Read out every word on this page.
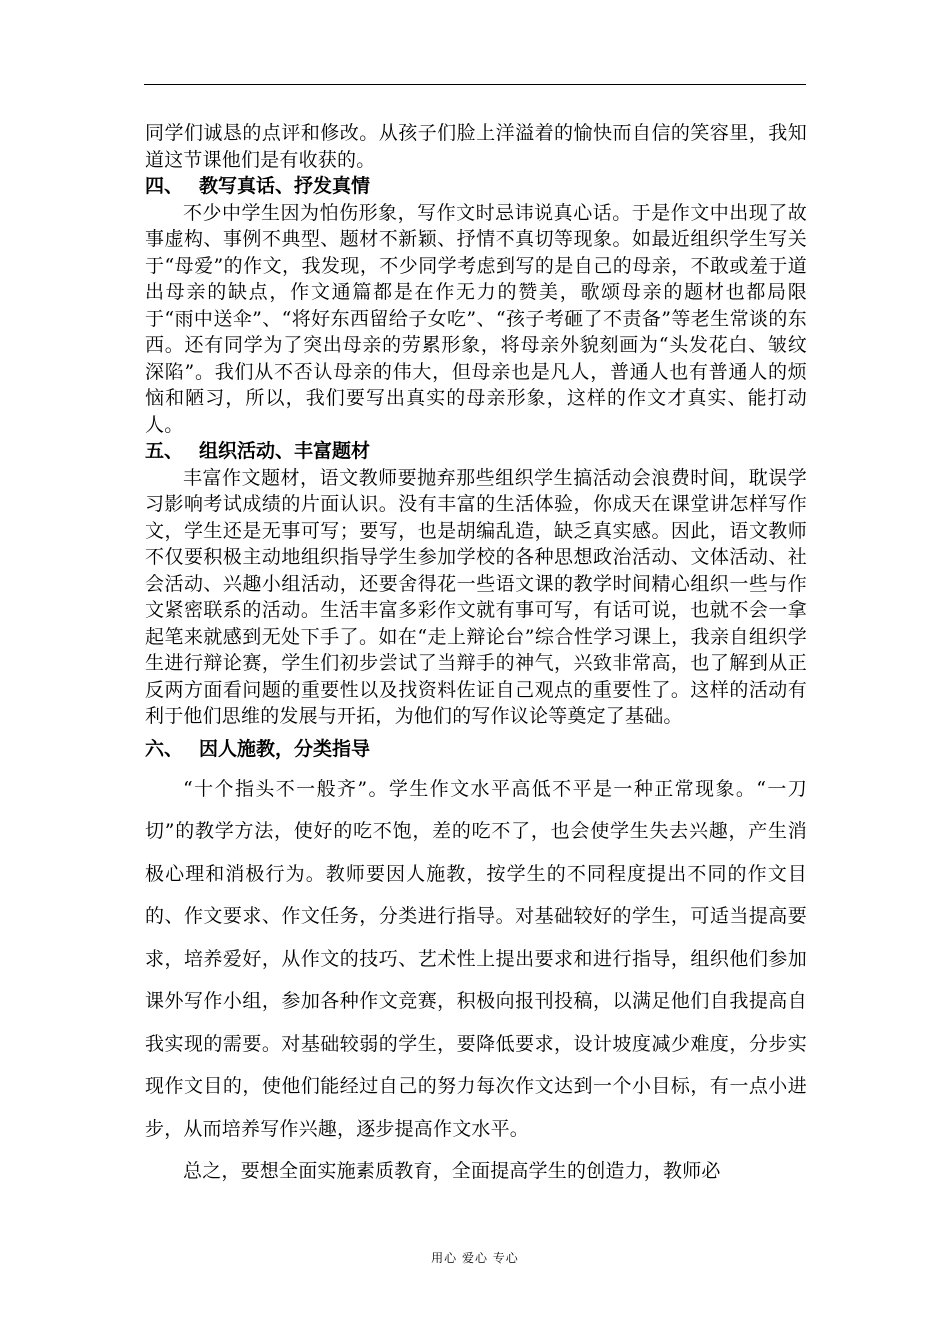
同学们诚恳的点评和修改。从孩子们脸上洋溢着的愉快而自信的笑容里，我知道这节课他们是有收获的。

四、 教写真话、抒发真情

不少中学生因为怕伤形象，写作文时忌讳说真心话。于是作文中出现了故事虚构、事例不典型、题材不新颖、抒情不真切等现象。如最近组织学生写关于“母爱”的作文，我发现，不少同学考虑到写的是自己的母亲，不敢或羞于道出母亲的缺点，作文通篇都是在作无力的赞美，歌颂母亲的题材也都局限于“雨中送伞”、“将好东西留给子女吃”、“孩子考砸了不责备”等老生常谈的东西。还有同学为了突出母亲的劳累形象，将母亲外貌刻画为“头发花白、皱纹深陷”。我们从不否认母亲的伟大，但母亲也是凡人，普通人也有普通人的烦恼和陋习，所以，我们要写出真实的母亲形象，这样的作文才真实、能打动人。

五、 组织活动、丰富题材

丰富作文题材，语文教师要抛弃那些组织学生搞活动会浪费时间，耽误学习影响考试成绩的片面认识。没有丰富的生活体验，你成天在课堂讲怎样写作文，学生还是无事可写；要写，也是胡编乱造，缺乏真实感。因此，语文教师不仅要积极主动地组织指导学生参加学校的各种思想政治活动、文体活动、社会活动、兴趣小组活动，还要舍得花一些语文课的教学时间精心组织一些与作文紧密联系的活动。生活丰富多彩作文就有事可写，有话可说，也就不会一拿起笔来就感到无处下手了。如在“走上辩论台”综合性学习课上，我亲自组织学生进行辩论赛，学生们初步尝试了当辩手的神气，兴致非常高，也了解到从正反两方面看问题的重要性以及找资料佐证自己观点的重要性了。这样的活动有利于他们思维的发展与开拓，为他们的写作议论等奠定了基础。

六、 因人施教，分类指导

“十个指头不一般齐”。学生作文水平高低不平是一种正常现象。“一刀切”的教学方法，使好的吃不饱，差的吃不了，也会使学生失去兴趣，产生消极心理和消极行为。教师要因人施教，按学生的不同程度提出不同的作文目的、作文要求、作文任务，分类进行指导。对基础较好的学生，可适当提高要求，培养爱好，从作文的技巧、艺术性上提出要求和进行指导，组织他们参加课外写作小组，参加各种作文竞赛，积极向报刊投稿，以满足他们自我提高自我实现的需要。对基础较弱的学生，要降低要求，设计坡度减少难度，分步实现作文目的，使他们能经过自己的努力每次作文达到一个小目标，有一点小进步，从而培养写作兴趣，逐步提高作文水平。

总之，要想全面实施素质教育，全面提高学生的创造力，教师必

用心 爱心 专心
